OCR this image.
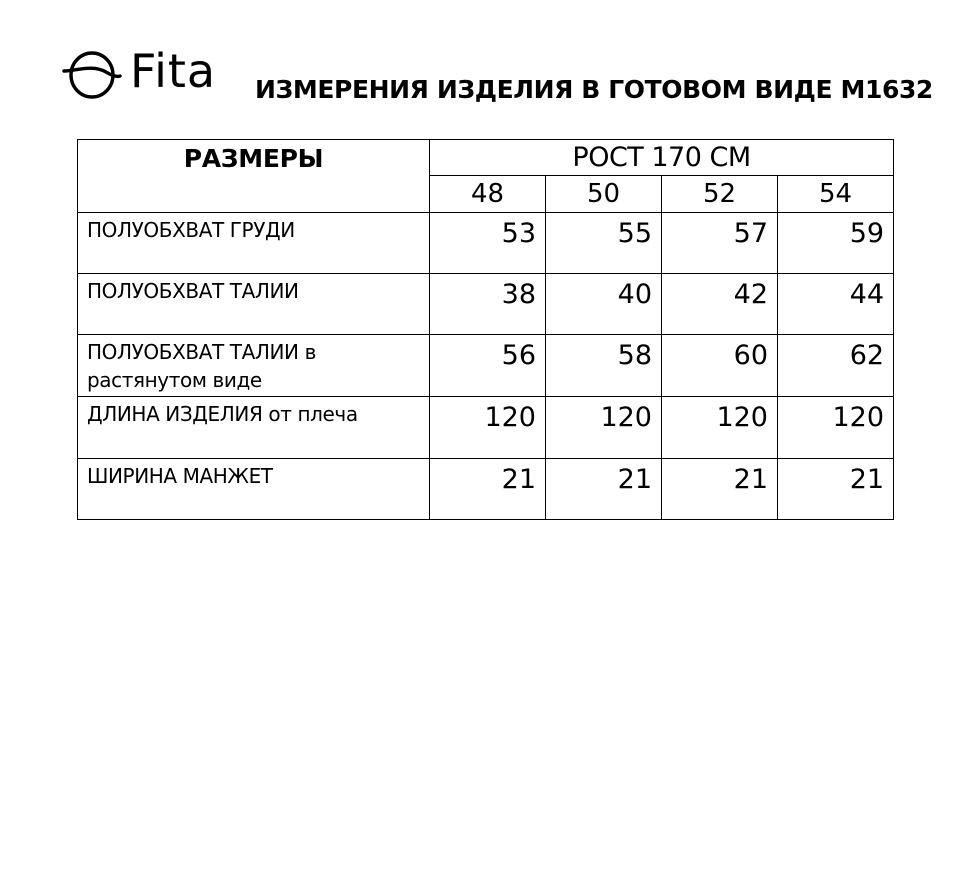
Fita ИЗМЕРЕНИЯ ИЗДЕЛИЯ В ГОТОВОМ ВИДЕ М1632
РАЗМЕРЫ	РОСТ 170 СМ			
	48	50	52	54
ПОЛУОБХВАТ ГРУДИ	53	55	57	59
ПОЛУОБХВАТ ТАЛИИ	38	40	42	44
ПОЛУОБХВАТ ТАЛИИ в растянутом виде	56	58	60	62
ДЛИНА ИЗДЕЛИЯ от плеча	120	120	120	120
ШИРИНА МАНЖЕТ	21	21	21	21
